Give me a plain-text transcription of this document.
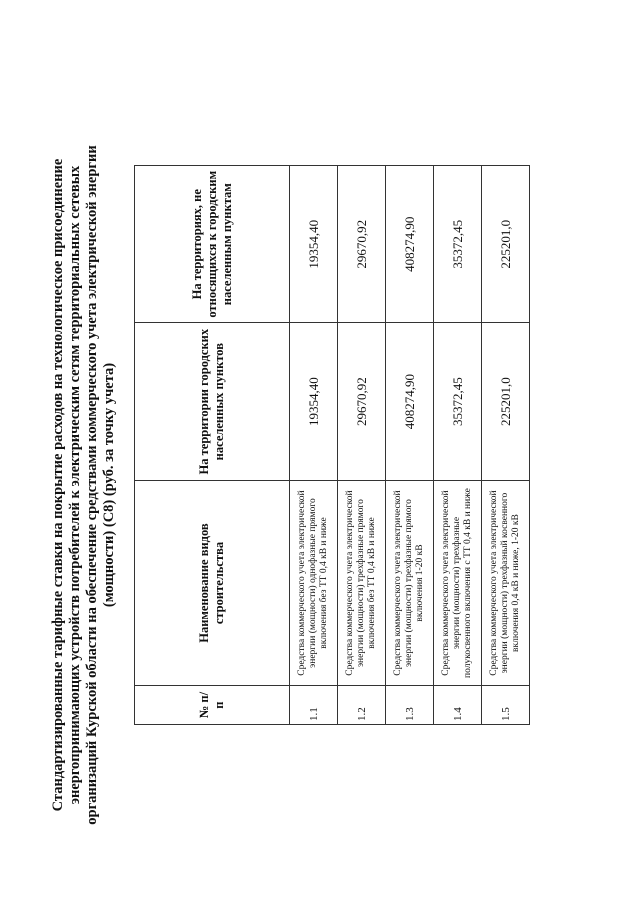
Стандартизированные тарифные ставки на покрытие расходов на технологическое присоединение энергопринимающих устройств потребителей к электрическим сетям территориальных сетевых организаций Курской области на обеспечение средствами коммерческого учета электрической энергии (мощности) (С8) (руб. за точку учета)
№ п/п	Наименование видов строительства	На территории городских населенных пунктов	На территориях, не относящихся к городским населенным пунктам
1.1	Средства коммерческого учета электрической энергии (мощности) однофазные прямого включения без ТТ 0,4 кВ и ниже	19354,40	19354,40
1.2	Средства коммерческого учета электрической энергии (мощности) трехфазные прямого включения без ТТ 0,4 кВ и ниже	29670,92	29670,92
1.3	Средства коммерческого учета электрической энергии (мощности) трехфазные прямого включения 1-20 кВ	408274,90	408274,90
1.4	Средства коммерческого учета электрической энергии (мощности) трехфазные полукосвенного включения с ТТ 0,4 кВ и ниже	35372,45	35372,45
1.5	Средства коммерческого учета электрической энергии (мощности) трехфазный косвенного включения 0,4 кВ и ниже, 1-20 кВ	225201,0	225201,0
